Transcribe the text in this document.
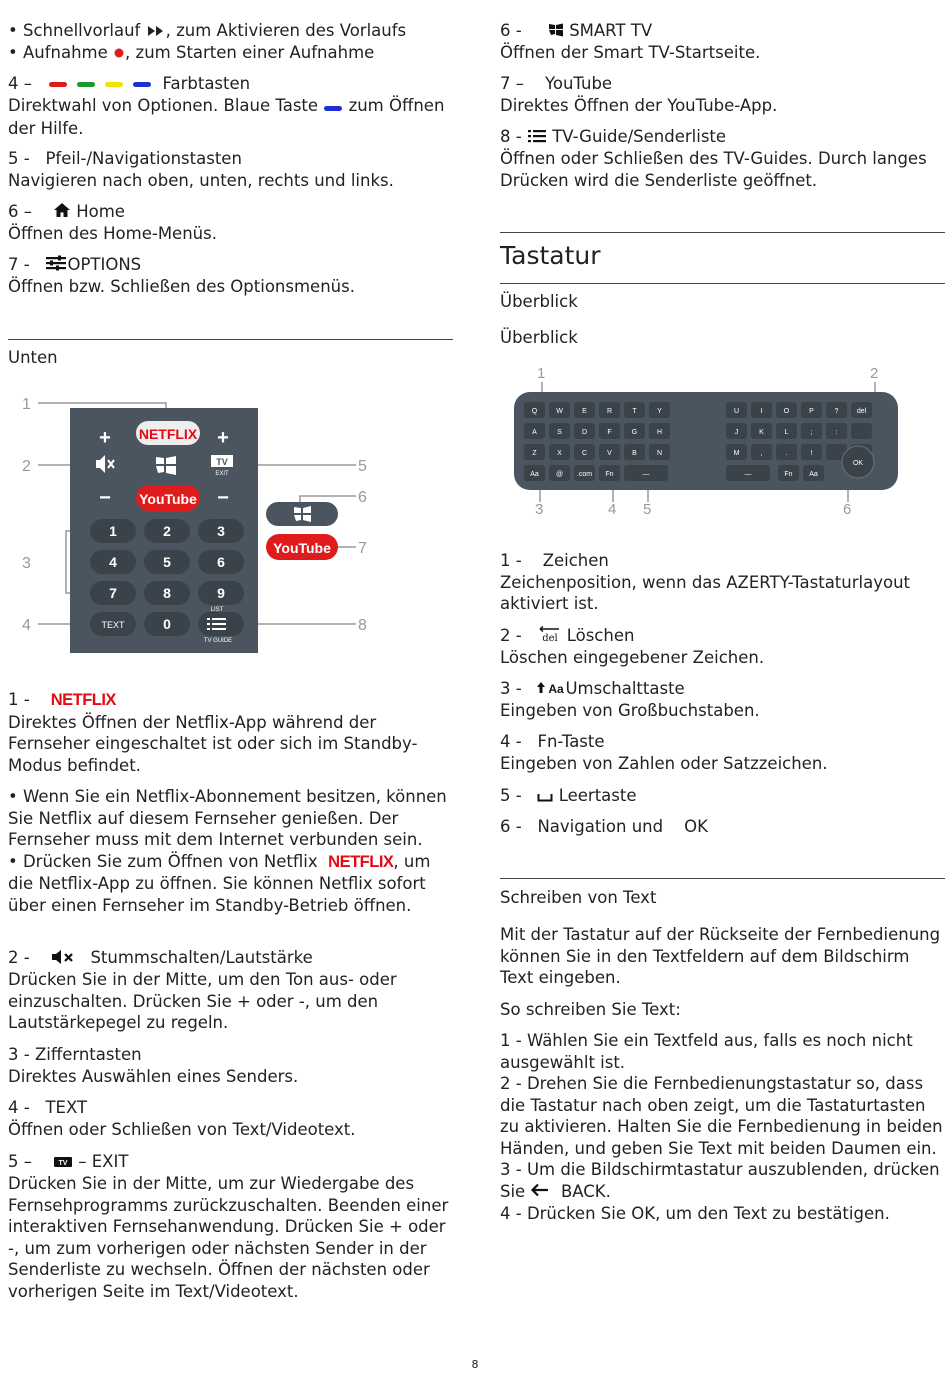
• Schnellvorlauf , zum Aktivieren des Vorlaufs

• Aufnahme , zum Starten einer Aufnahme

4 –	Farbtasten

Direktwahl von Optionen. Blaue Taste zum Öffnen

der Hilfe.

5 - Pfeil-/Navigationstasten

Navigieren nach oben, unten, rechts und links.

6 –	Home

Öffnen des Home-Menüs.

7 - OPTIONS

Öffnen bzw. Schließen des Optionsmenüs.

Unten

1
2
3
4
5
6
7
8
NETFLIX
+
−
+
−
TV
EXIT
YouTube
1	2	3
4	5	6
7	8	9
0
TEXT
LIST
TV GUIDE
YouTube

1 - NETFLIX

Direktes Öffnen der Netflix-App während der Fernseher eingeschaltet ist oder sich im Standby-Modus befindet.

• Wenn Sie ein Netflix-Abonnement besitzen, können Sie Netflix auf diesem Fernseher genießen. Der Fernseher muss mit dem Internet verbunden sein.

• Drücken Sie zum Öffnen von Netflix NETFLIX, um die Netflix-App zu öffnen. Sie können Netflix sofort über einen Fernseher im Standby-Betrieb öffnen.

2 -	Stummschalten/Lautstärke

Drücken Sie in der Mitte, um den Ton aus- oder einzuschalten. Drücken Sie + oder -, um den Lautstärkepegel zu regeln.

3 - Zifferntasten

Direktes Auswählen eines Senders.

4 - TEXT

Öffnen oder Schließen von Text/Videotext.

5 –	TV – EXIT

Drücken Sie in der Mitte, um zur Wiedergabe des Fernsehprogramms zurückzuschalten. Beenden einer interaktiven Fernsehanwendung. Drücken Sie + oder -, um zum vorherigen oder nächsten Sender in der Senderliste zu wechseln. Öffnen der nächsten oder vorherigen Seite im Text/Videotext.

6 -	SMART TV

Öffnen der Smart TV-Startseite.

7 – YouTube

Direktes Öffnen der YouTube-App.

8 - TV-Guide/Senderliste

Öffnen oder Schließen des TV-Guides. Durch langes Drücken wird die Senderliste geöffnet.

Tastatur

Überblick

Überblick

1	2
3	4 5	6
Q	W	E	R	T	Y	U	I	O	P	?	del
A	S	D	F	G	H	J	K	L	;	:
Z	X	C	V	B	N	M	,	.	!
Aa @ .com Fn	—	—	Fn Aa
OK

1 - Zeichen

Zeichenposition, wenn das AZERTY-Tastaturlayout aktiviert ist.

2 - del Löschen

Löschen eingegebener Zeichen.

3 - Aa Umschalttaste

Eingeben von Großbuchstaben.

4 - Fn-Taste

Eingeben von Zahlen oder Satzzeichen.

5 - Leertaste

6 - Navigation und OK

Schreiben von Text

Mit der Tastatur auf der Rückseite der Fernbedienung können Sie in den Textfeldern auf dem Bildschirm Text eingeben.

So schreiben Sie Text:

1 - Wählen Sie ein Textfeld aus, falls es noch nicht ausgewählt ist.

2 - Drehen Sie die Fernbedienungstastatur so, dass die Tastatur nach oben zeigt, um die Tastaturtasten zu aktivieren. Halten Sie die Fernbedienung in beiden Händen, und geben Sie Text mit beiden Daumen ein.

3 - Um die Bildschirmtastatur auszublenden, drücken Sie BACK.

4 - Drücken Sie OK, um den Text zu bestätigen.

8
